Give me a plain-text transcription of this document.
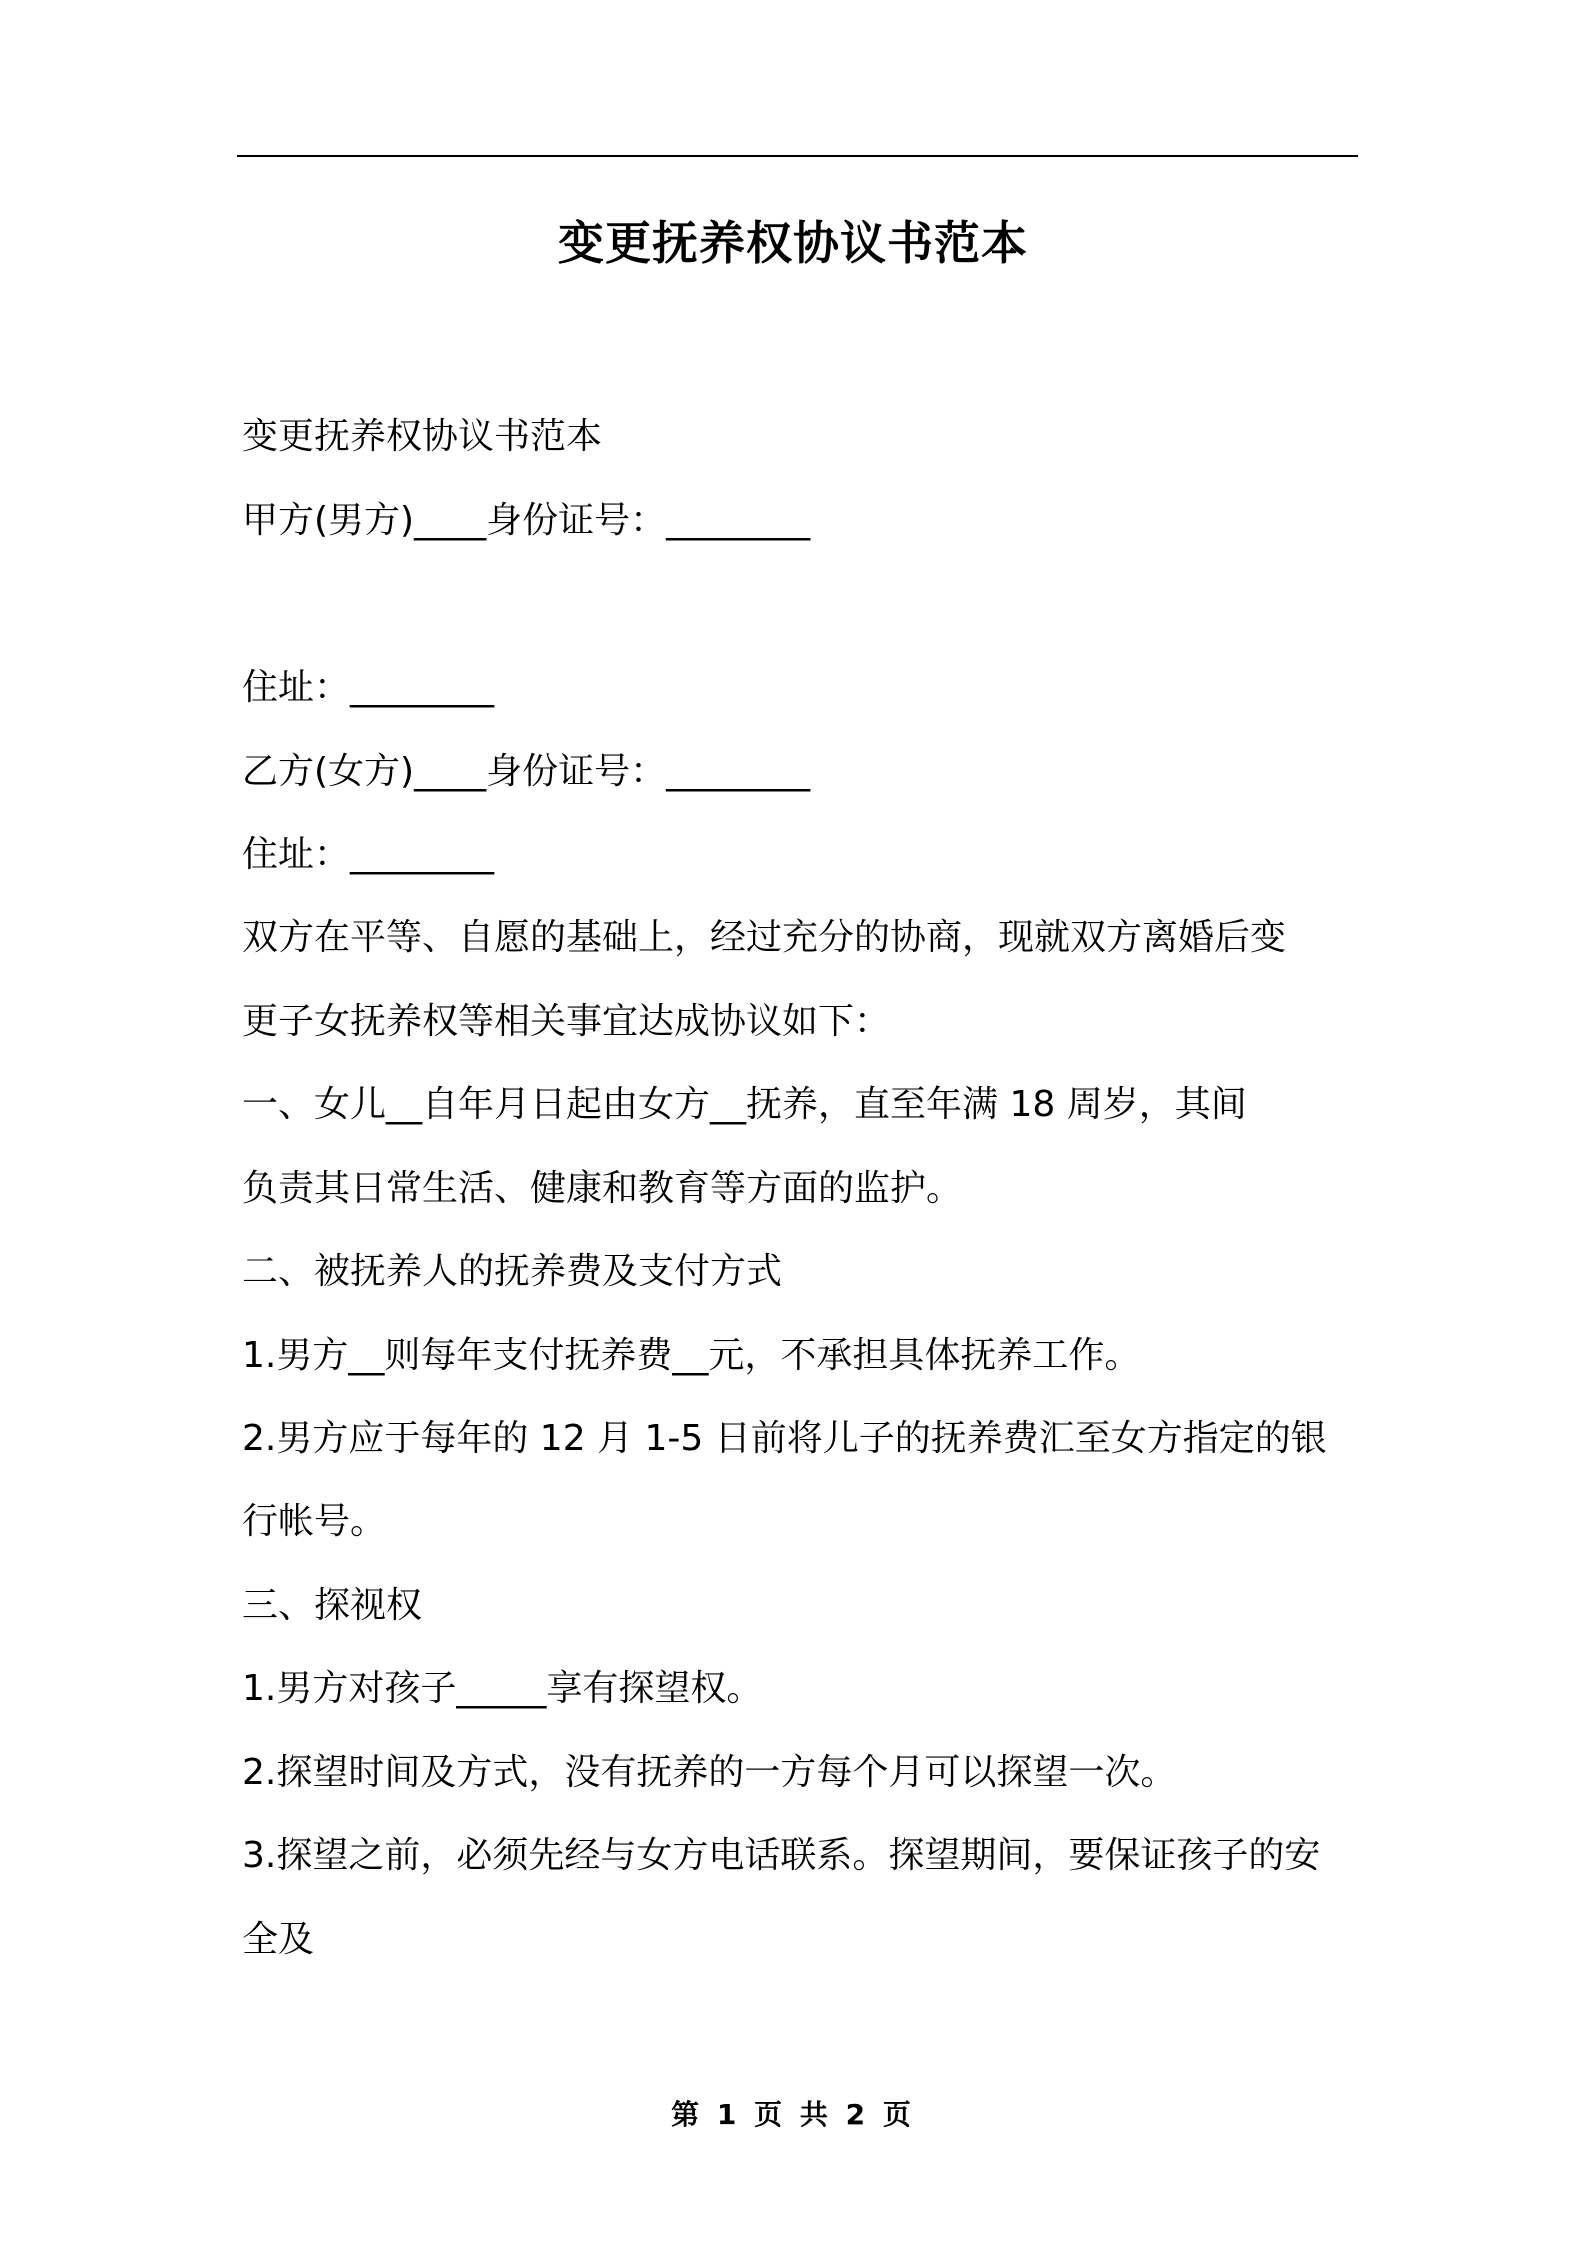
变更抚养权协议书范本
变更抚养权协议书范本
甲方(男方)____身份证号：________
住址：________
乙方(女方)____身份证号：________
住址：________
双方在平等、自愿的基础上，经过充分的协商，现就双方离婚后变
更子女抚养权等相关事宜达成协议如下：
一、女儿__自年月日起由女方__抚养，直至年满 18 周岁，其间
负责其日常生活、健康和教育等方面的监护。
二、被抚养人的抚养费及支付方式
1.男方__则每年支付抚养费__元，不承担具体抚养工作。
2.男方应于每年的 12 月 1-5 日前将儿子的抚养费汇至女方指定的银
行帐号。
三、探视权
1.男方对孩子_____享有探望权。
2.探望时间及方式，没有抚养的一方每个月可以探望一次。
3.探望之前，必须先经与女方电话联系。探望期间，要保证孩子的安
全及
第 1 页 共 2 页
